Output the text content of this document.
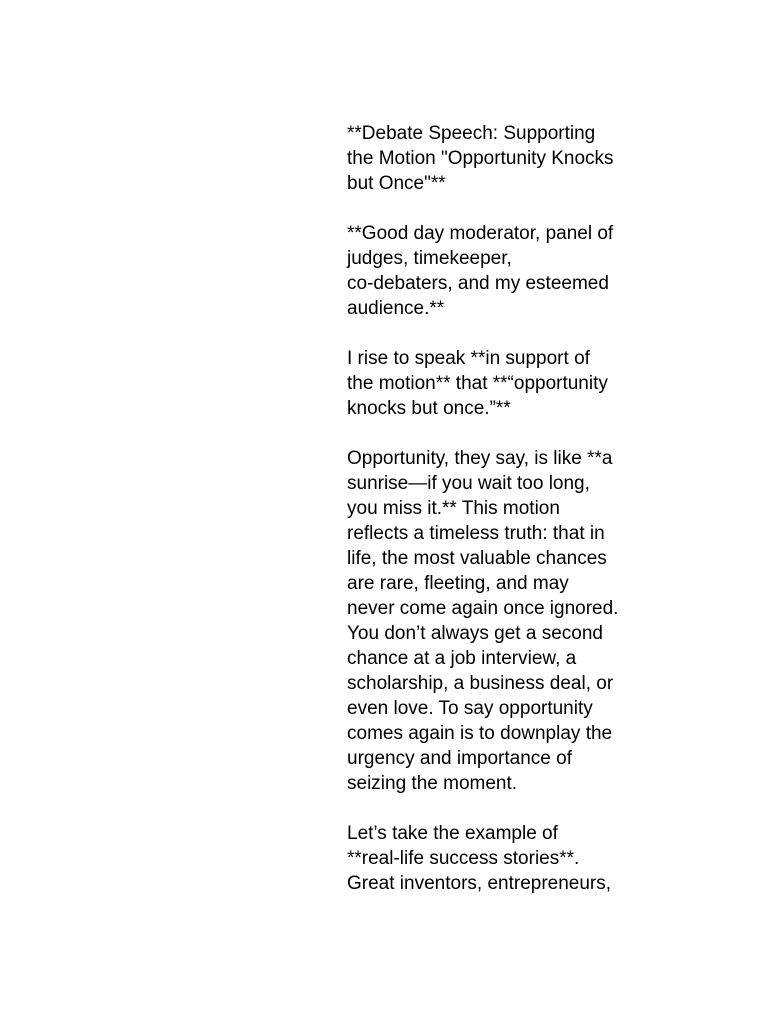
**Debate Speech: Supporting
the Motion "Opportunity Knocks
but Once"**

**Good day moderator, panel of
judges, timekeeper,
co-debaters, and my esteemed
audience.**

I rise to speak **in support of
the motion** that **“opportunity
knocks but once.”**

Opportunity, they say, is like **a
sunrise—if you wait too long,
you miss it.** This motion
reflects a timeless truth: that in
life, the most valuable chances
are rare, fleeting, and may
never come again once ignored.
You don’t always get a second
chance at a job interview, a
scholarship, a business deal, or
even love. To say opportunity
comes again is to downplay the
urgency and importance of
seizing the moment.

Let’s take the example of
**real-life success stories**.
Great inventors, entrepreneurs,
